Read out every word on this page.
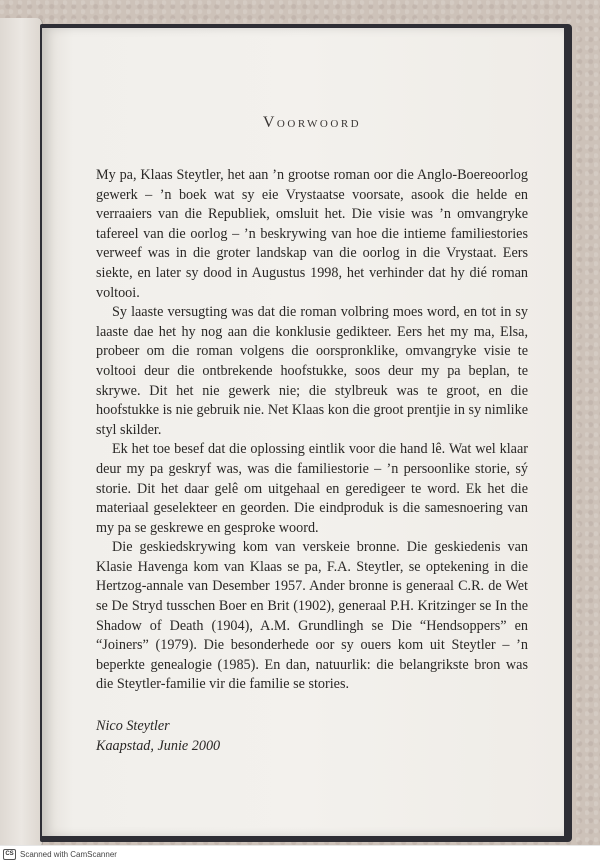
Voorwoord

My pa, Klaas Steytler, het aan ’n grootse roman oor die Anglo-Boereoorlog gewerk – ’n boek wat sy eie Vrystaatse voorsate, asook die helde en verraaiers van die Republiek, omsluit het. Die visie was ’n omvangryke tafereel van die oorlog – ’n beskrywing van hoe die intieme familiestories verweef was in die groter landskap van die oorlog in die Vrystaat. Eers siekte, en later sy dood in Augustus 1998, het verhinder dat hy dié roman voltooi.

Sy laaste versugting was dat die roman volbring moes word, en tot in sy laaste dae het hy nog aan die konklusie gedikteer. Eers het my ma, Elsa, probeer om die roman volgens die oorspronklike, omvangryke visie te voltooi deur die ontbrekende hoofstukke, soos deur my pa beplan, te skrywe. Dit het nie gewerk nie; die stylbreuk was te groot, en die hoofstukke is nie gebruik nie. Net Klaas kon die groot prentjie in sy nimlike styl skilder.

Ek het toe besef dat die oplossing eintlik voor die hand lê. Wat wel klaar deur my pa geskryf was, was die familiestorie – ’n persoonlike storie, sý storie. Dit het daar gelê om uitgehaal en geredigeer te word. Ek het die materiaal geselekteer en georden. Die eindproduk is die samesnoering van my pa se geskrewe en gesproke woord.

Die geskiedskrywing kom van verskeie bronne. Die geskiedenis van Klasie Havenga kom van Klaas se pa, F.A. Steytler, se optekening in die Hertzog-annale van Desember 1957. Ander bronne is generaal C.R. de Wet se De Stryd tusschen Boer en Brit (1902), generaal P.H. Kritzinger se In the Shadow of Death (1904), A.M. Grundlingh se Die “Hendsoppers” en “Joiners” (1979). Die besonderhede oor sy ouers kom uit Steytler – ’n beperkte genealogie (1985). En dan, natuurlik: die belangrikste bron was die Steytler-familie vir die familie se stories.

Nico Steytler
Kaapstad, Junie 2000
CS Scanned with CamScanner
